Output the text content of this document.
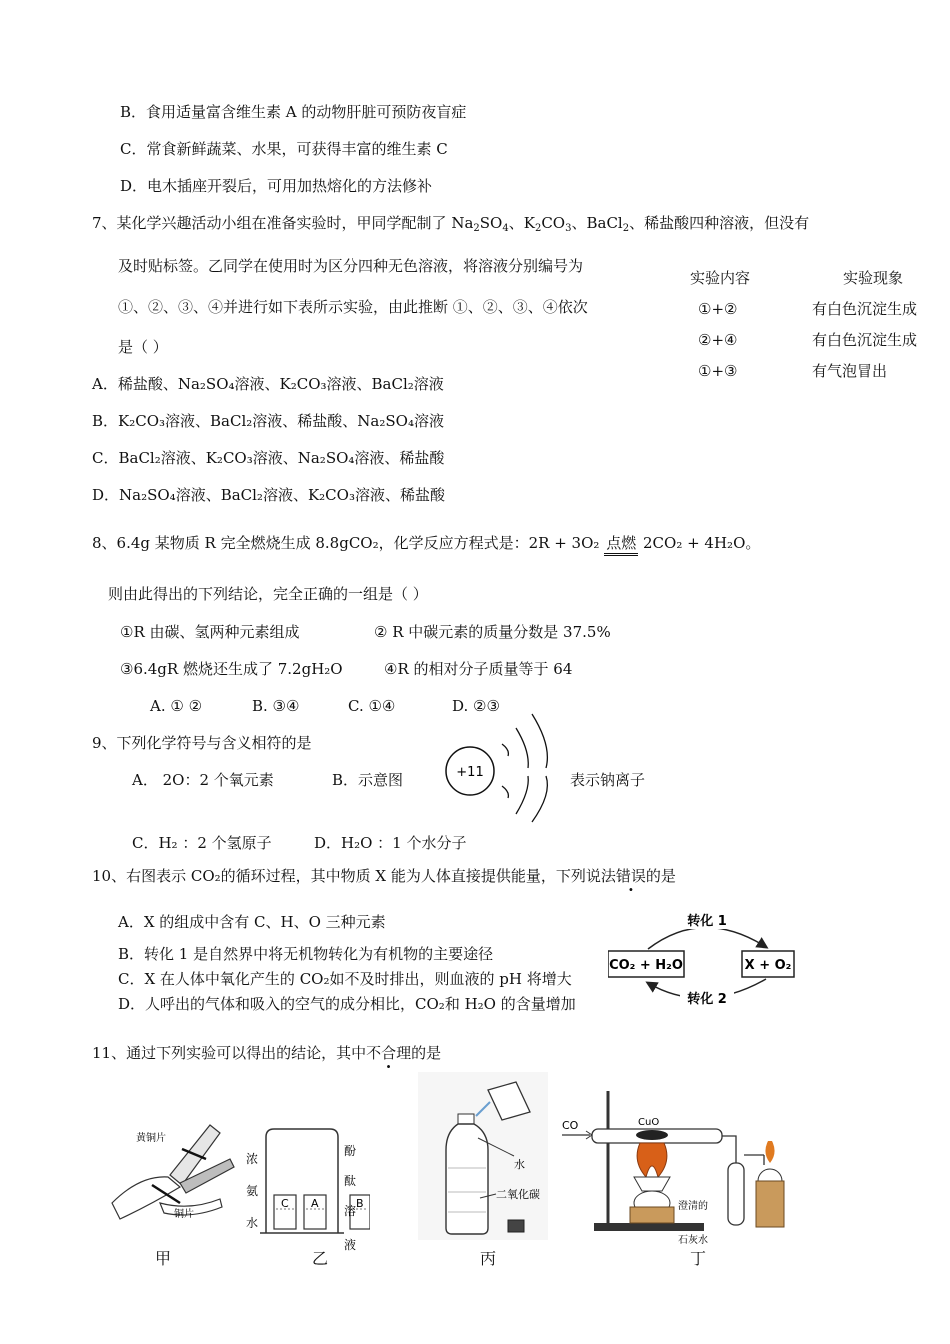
B．食用适量富含维生素 A 的动物肝脏可预防夜盲症
C．常食新鲜蔬菜、水果，可获得丰富的维生素 C
D．电木插座开裂后，可用加热熔化的方法修补
7、某化学兴趣活动小组在准备实验时，甲同学配制了 $Na_2SO_4$、$K_2CO_3$、BaCl$_2$、稀盐酸四种溶液，但没有
及时贴标签。乙同学在使用时为区分四种无色溶液，将溶液分别编号为
①、②、③、④并进行如下表所示实验，由此推断 ①、②、③、④依次
是（ ）
实验内容	实验现象
①+②	有白色沉淀生成
②+④	有白色沉淀生成
①+③	有气泡冒出
A．稀盐酸、Na₂SO₄溶液、K₂CO₃溶液、BaCl₂溶液
B．K₂CO₃溶液、BaCl₂溶液、稀盐酸、Na₂SO₄溶液
C．BaCl₂溶液、K₂CO₃溶液、Na₂SO₄溶液、稀盐酸
D．Na₂SO₄溶液、BaCl₂溶液、K₂CO₃溶液、稀盐酸
8、6.4g 某物质 R 完全燃烧生成 8.8gCO₂，化学反应方程式是：2R + 3O₂ 点燃 2CO₂ + 4H₂O。
则由此得出的下列结论，完全正确的一组是（ ）
①R 由碳、氢两种元素组成	② R 中碳元素的质量分数是 37.5%
③6.4gR 燃烧还生成了 7.2gH₂O	④R 的相对分子质量等于 64
A. ① ②	B. ③④	C. ①④	D. ②③
9、下列化学符号与含义相符的是
A． 2O：2 个氧元素	B．示意图	+11	表示钠离子
C．H₂ ：2 个氢原子	D．H₂O ：1 个水分子
10、右图表示 CO₂的循环过程，其中物质 X 能为人体直接提供能量，下列说法错误的是
A．X 的组成中含有 C、H、O 三种元素
B．转化 1 是自然界中将无机物转化为有机物的主要途径
C．X 在人体中氧化产生的 CO₂如不及时排出，则血液的 pH 将增大
D．人呼出的气体和吸入的空气的成分相比，CO₂和 H₂O 的含量增加
CO₂ + H₂O	X + O₂
转化 1
转化 2
11、通过下列实验可以得出的结论，其中不合理的是
黄铜片
铜片
C A	B
浓
氨
水
酚
酞
溶
液
水
二氧化碳
CO	CuO
澄清的
石灰水
甲	乙	丙	丁
